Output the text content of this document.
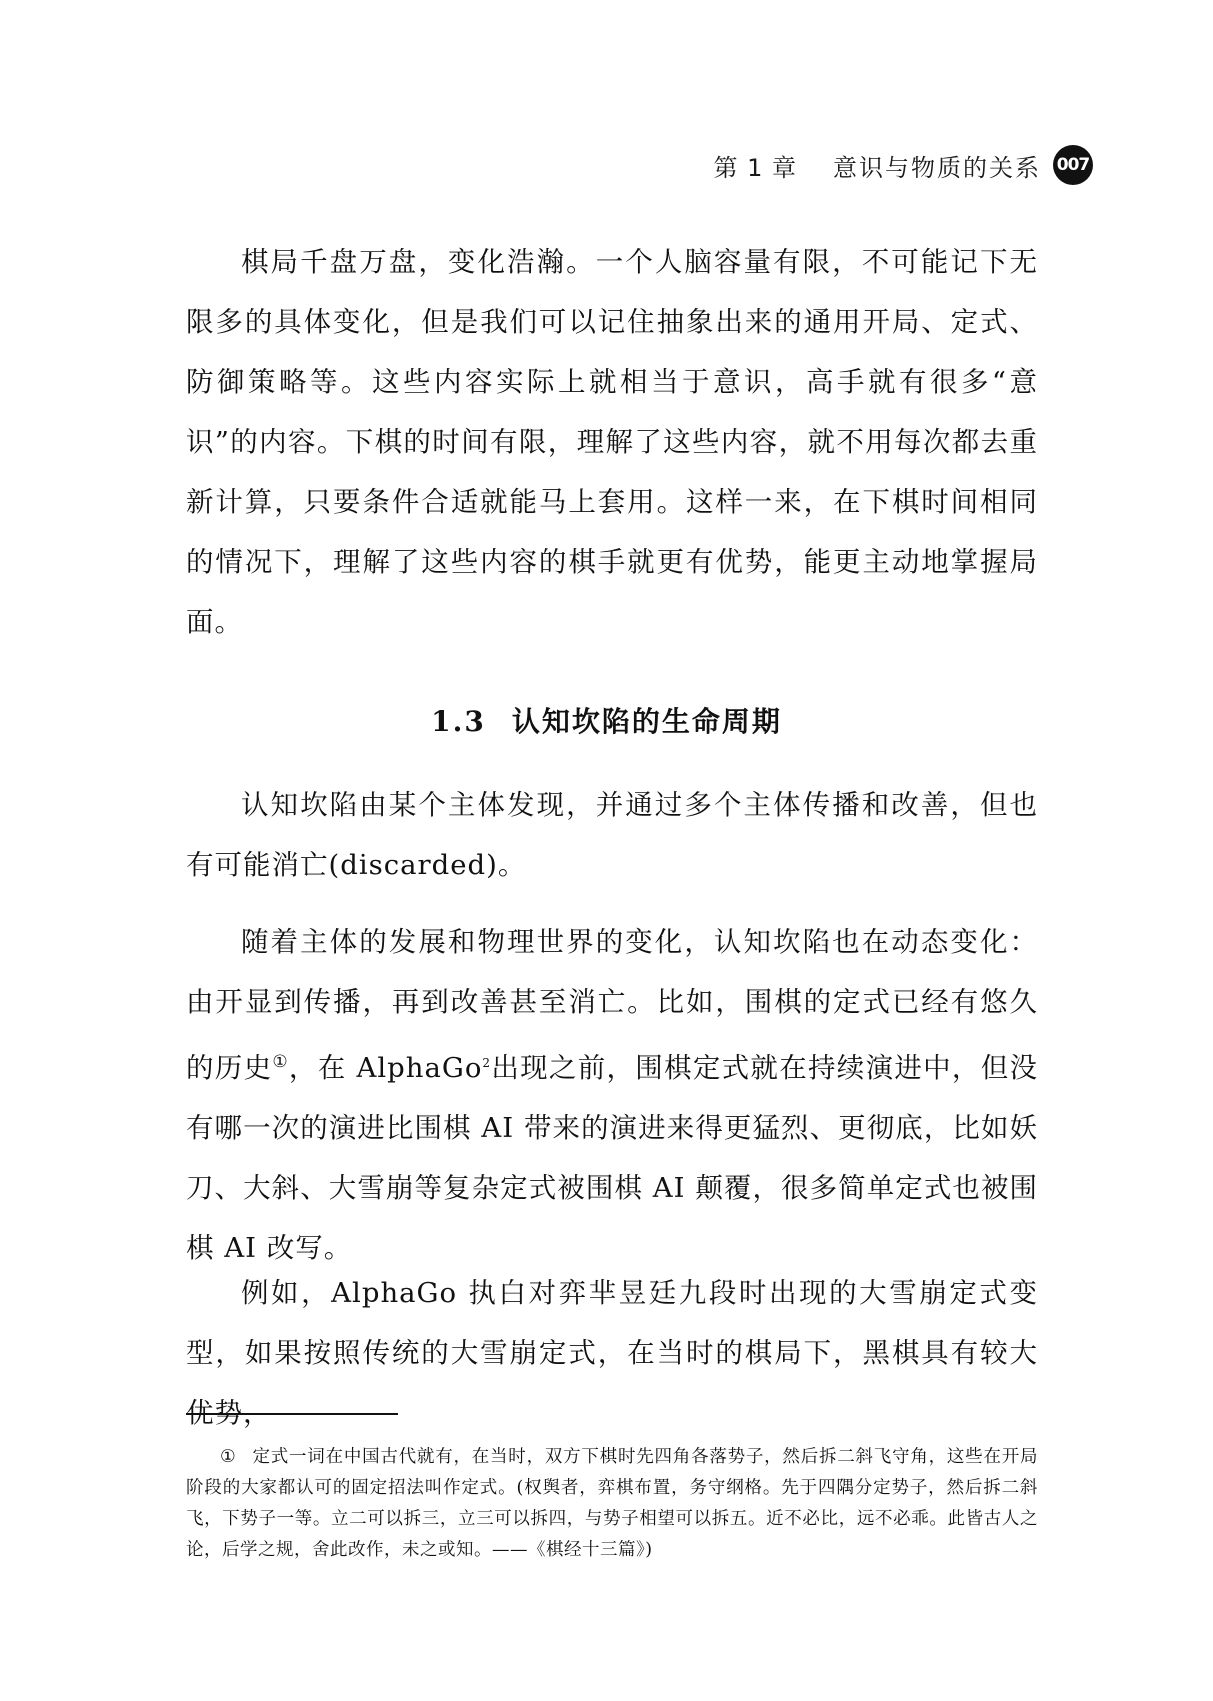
第 1 章 意识与物质的关系 007

棋局千盘万盘，变化浩瀚。一个人脑容量有限，不可能记下无限多的具体变化，但是我们可以记住抽象出来的通用开局、定式、防御策略等。这些内容实际上就相当于意识，高手就有很多“意识”的内容。下棋的时间有限，理解了这些内容，就不用每次都去重新计算，只要条件合适就能马上套用。这样一来，在下棋时间相同的情况下，理解了这些内容的棋手就更有优势，能更主动地掌握局面。

1.3 认知坎陷的生命周期

认知坎陷由某个主体发现，并通过多个主体传播和改善，但也有可能消亡(discarded)。

随着主体的发展和物理世界的变化，认知坎陷也在动态变化：由开显到传播，再到改善甚至消亡。比如，围棋的定式已经有悠久的历史①，在 AlphaGo$^2$出现之前，围棋定式就在持续演进中，但没有哪一次的演进比围棋 AI 带来的演进来得更猛烈、更彻底，比如妖刀、大斜、大雪崩等复杂定式被围棋 AI 颠覆，很多简单定式也被围棋 AI 改写。

例如，AlphaGo 执白对弈芈昱廷九段时出现的大雪崩定式变型，如果按照传统的大雪崩定式，在当时的棋局下，黑棋具有较大优势，

① 定式一词在中国古代就有，在当时，双方下棋时先四角各落势子，然后拆二斜飞守角，这些在开局阶段的大家都认可的固定招法叫作定式。(权舆者，弈棋布置，务守纲格。先于四隅分定势子，然后拆二斜飞，下势子一等。立二可以拆三，立三可以拆四，与势子相望可以拆五。近不必比，远不必乖。此皆古人之论，后学之规，舍此改作，未之或知。——《棋经十三篇》)
